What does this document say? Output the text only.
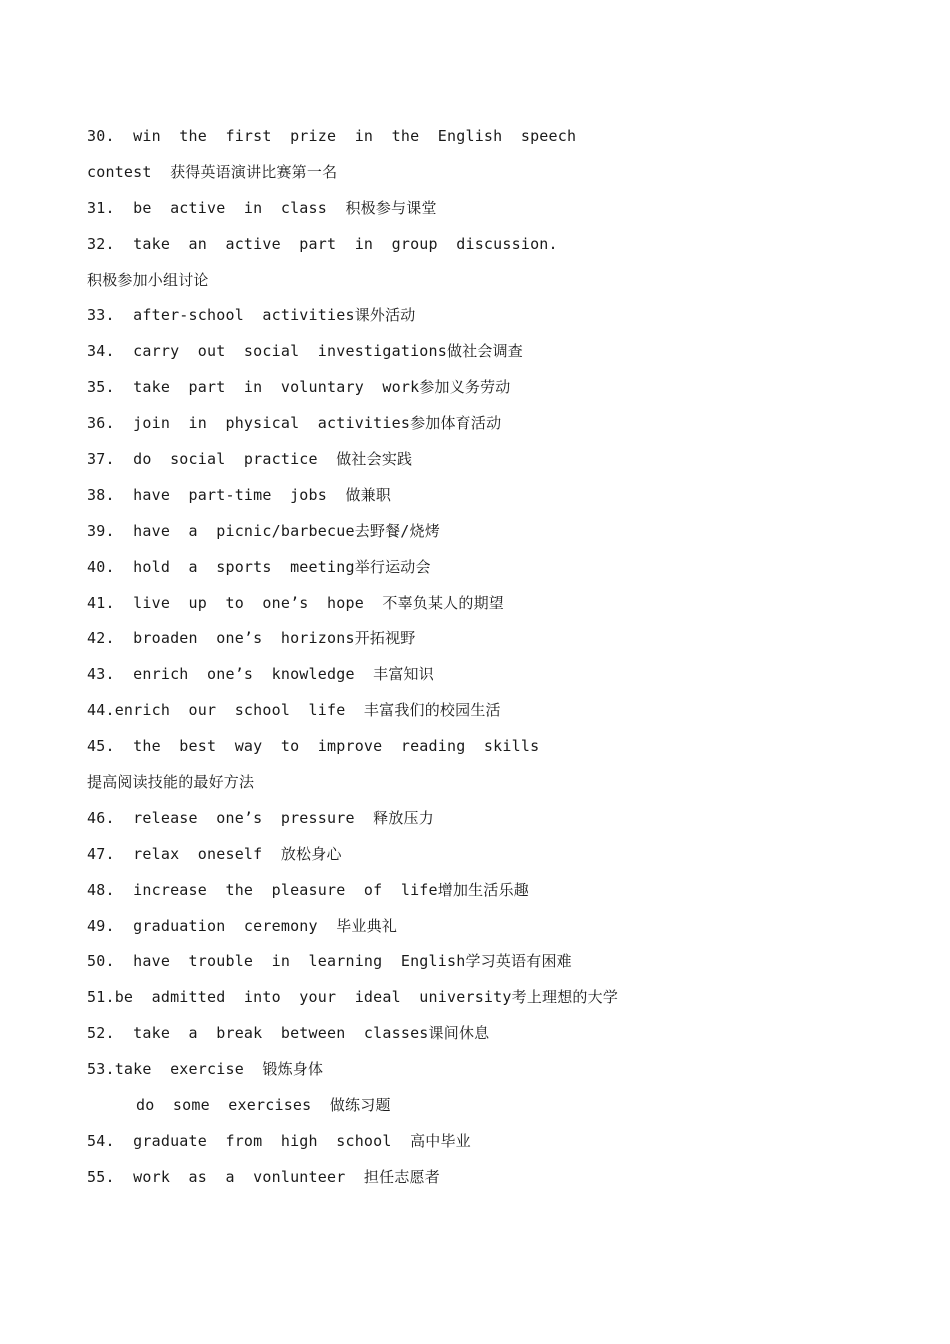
30.  win  the  first  prize  in  the  English  speech
contest  获得英语演讲比赛第一名
31.  be  active  in  class  积极参与课堂
32.  take  an  active  part  in  group  discussion.
积极参加小组讨论
33.  after-school  activities课外活动
34.  carry  out  social  investigations做社会调查
35.  take  part  in  voluntary  work参加义务劳动
36.  join  in  physical  activities参加体育活动
37.  do  social  practice  做社会实践
38.  have  part-time  jobs  做兼职
39.  have  a  picnic/barbecue去野餐/烧烤
40.  hold  a  sports  meeting举行运动会
41.  live  up  to  one’s  hope  不辜负某人的期望
42.  broaden  one’s  horizons开拓视野
43.  enrich  one’s  knowledge  丰富知识
44.enrich  our  school  life  丰富我们的校园生活
45.  the  best  way  to  improve  reading  skills
提高阅读技能的最好方法
46.  release  one’s  pressure  释放压力
47.  relax  oneself  放松身心
48.  increase  the  pleasure  of  life增加生活乐趣
49.  graduation  ceremony  毕业典礼
50.  have  trouble  in  learning  English学习英语有困难
51.be  admitted  into  your  ideal  university考上理想的大学
52.  take  a  break  between  classes课间休息
53.take  exercise  锻炼身体
do  some  exercises  做练习题
54.  graduate  from  high  school  高中毕业
55.  work  as  a  vonlunteer  担任志愿者
